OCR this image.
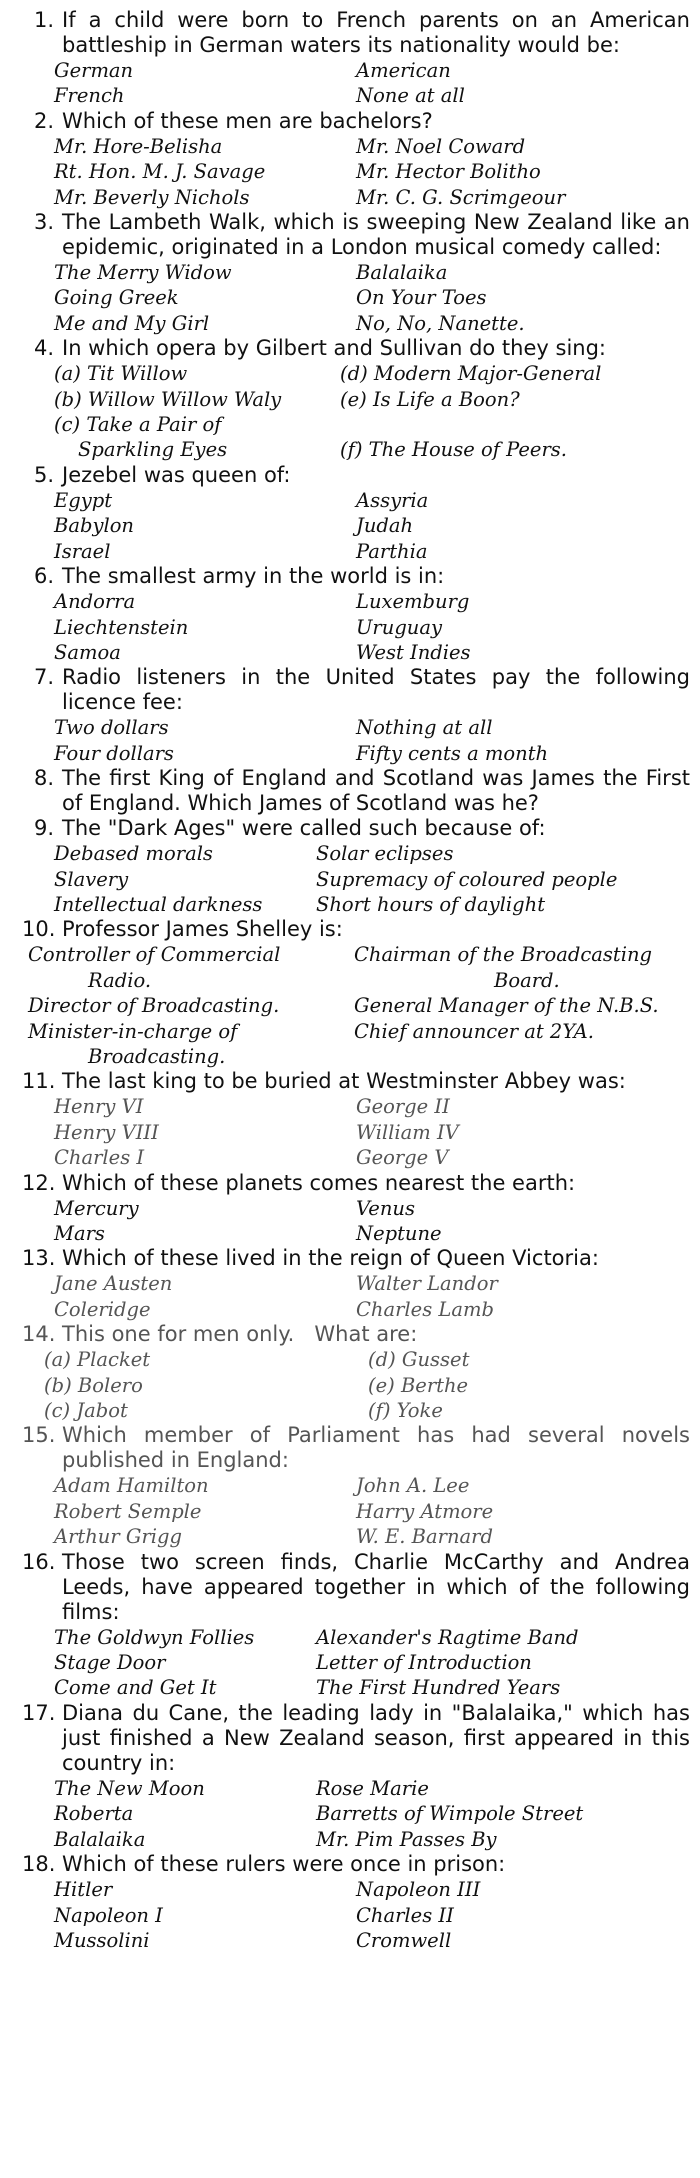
1. If a child were born to French parents on an American battleship in German waters its nationality would be:
German	American
French	None at all
2. Which of these men are bachelors?
Mr. Hore-Belisha	Mr. Noel Coward
Rt. Hon. M. J. Savage	Mr. Hector Bolitho
Mr. Beverly Nichols	Mr. C. G. Scrimgeour
3. The Lambeth Walk, which is sweeping New Zealand like an epidemic, originated in a London musical comedy called:
The Merry Widow	Balalaika
Going Greek	On Your Toes
Me and My Girl	No, No, Nanette.
4. In which opera by Gilbert and Sullivan do they sing:
(a) Tit Willow	(d) Modern Major-General
(b) Willow Willow Waly	(e) Is Life a Boon?
(c) Take a Pair of
Sparkling Eyes	(f) The House of Peers.
5. Jezebel was queen of:
Egypt	Assyria
Babylon	Judah
Israel	Parthia
6. The smallest army in the world is in:
Andorra	Luxemburg
Liechtenstein	Uruguay
Samoa	West Indies
7. Radio listeners in the United States pay the following licence fee:
Two dollars	Nothing at all
Four dollars	Fifty cents a month
8. The first King of England and Scotland was James the First of England. Which James of Scotland was he?
9. The "Dark Ages" were called such because of:
Debased morals	Solar eclipses
Slavery	Supremacy of coloured people
Intellectual darkness	Short hours of daylight
10. Professor James Shelley is:
Controller of Commercial	Chairman of the Broadcasting
Radio.	Board.
Director of Broadcasting.	General Manager of the N.B.S.
Minister-in-charge of	Chief announcer at 2YA.
Broadcasting.
11. The last king to be buried at Westminster Abbey was:
Henry VI	George II
Henry VIII	William IV
Charles I	George V
12. Which of these planets comes nearest the earth:
Mercury	Venus
Mars	Neptune
13. Which of these lived in the reign of Queen Victoria:
Jane Austen	Walter Landor
Coleridge	Charles Lamb
14. This one for men only.   What are:
(a) Placket	(d) Gusset
(b) Bolero	(e) Berthe
(c) Jabot	(f) Yoke
15. Which member of Parliament has had several novels published in England:
Adam Hamilton	John A. Lee
Robert Semple	Harry Atmore
Arthur Grigg	W. E. Barnard
16. Those two screen finds, Charlie McCarthy and Andrea Leeds, have appeared together in which of the following films:
The Goldwyn Follies	Alexander's Ragtime Band
Stage Door	Letter of Introduction
Come and Get It	The First Hundred Years
17. Diana du Cane, the leading lady in "Balalaika," which has just finished a New Zealand season, first appeared in this country in:
The New Moon	Rose Marie
Roberta	Barretts of Wimpole Street
Balalaika	Mr. Pim Passes By
18. Which of these rulers were once in prison:
Hitler	Napoleon III
Napoleon I	Charles II
Mussolini	Cromwell
